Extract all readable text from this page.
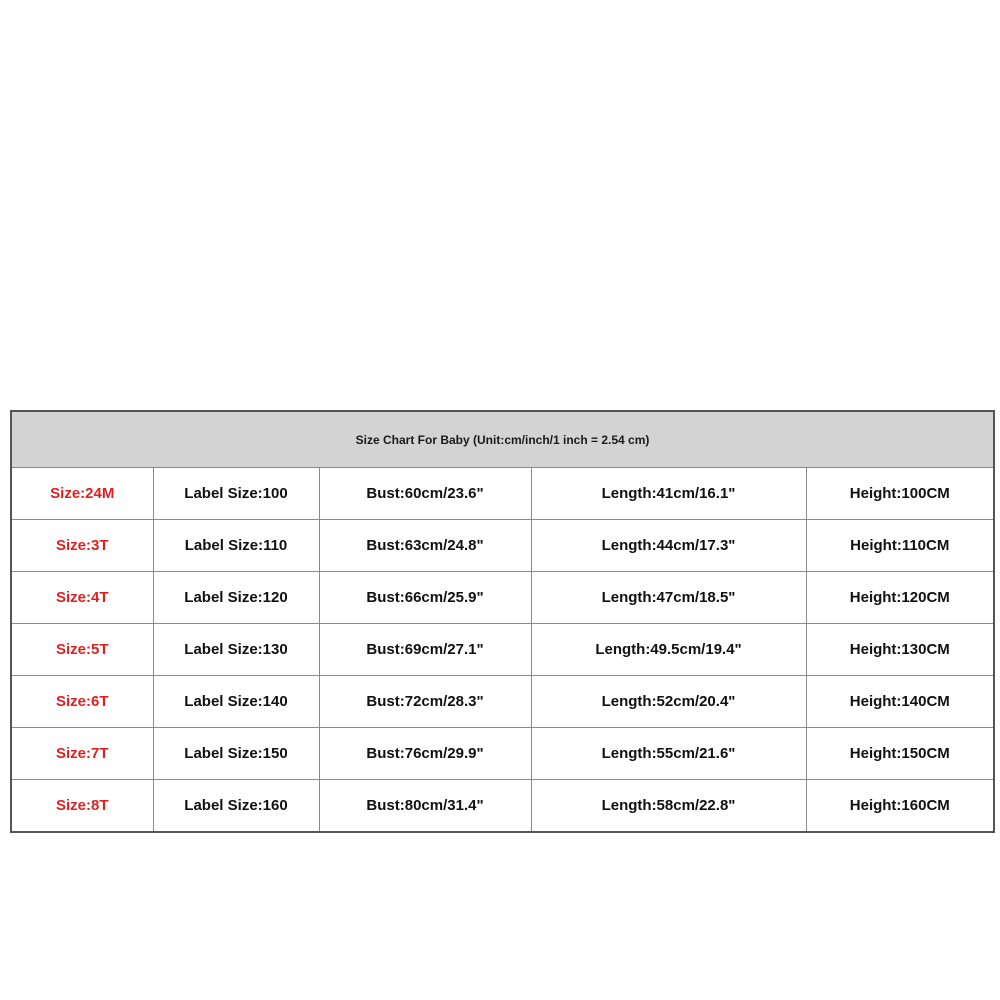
Size Chart For Baby (Unit:cm/inch/1 inch = 2.54 cm)				
Size:24M	Label Size:100	Bust:60cm/23.6"	Length:41cm/16.1"	Height:100CM
Size:3T	Label Size:110	Bust:63cm/24.8"	Length:44cm/17.3"	Height:110CM
Size:4T	Label Size:120	Bust:66cm/25.9"	Length:47cm/18.5"	Height:120CM
Size:5T	Label Size:130	Bust:69cm/27.1"	Length:49.5cm/19.4"	Height:130CM
Size:6T	Label Size:140	Bust:72cm/28.3"	Length:52cm/20.4"	Height:140CM
Size:7T	Label Size:150	Bust:76cm/29.9"	Length:55cm/21.6"	Height:150CM
Size:8T	Label Size:160	Bust:80cm/31.4"	Length:58cm/22.8"	Height:160CM
